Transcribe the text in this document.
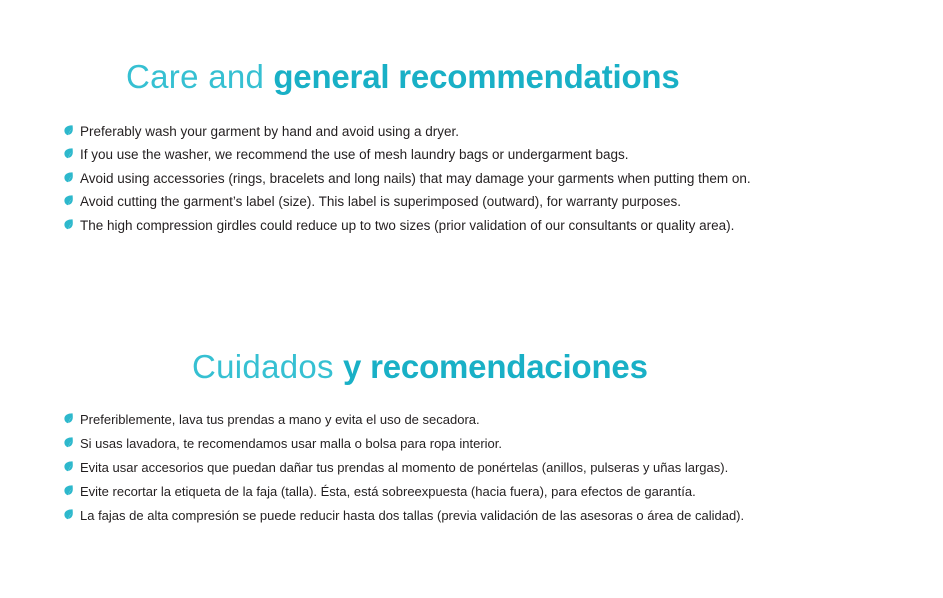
Care and general recommendations
Preferably wash your garment by hand and avoid using a dryer.
If you use the washer, we recommend the use of mesh laundry bags or undergarment bags.
Avoid using accessories (rings, bracelets and long nails) that may damage your garments when putting them on.
Avoid cutting the garment’s label (size). This label is superimposed (outward), for warranty purposes.
The high compression girdles could reduce up to two sizes (prior validation of our consultants or quality area).
Cuidados y recomendaciones
Preferiblemente, lava tus prendas a mano y evita el uso de secadora.
Si usas lavadora, te recomendamos usar malla o bolsa para ropa interior.
Evita usar accesorios que puedan dañar tus prendas al momento de ponértelas (anillos, pulseras y uñas largas).
Evite recortar la etiqueta de la faja (talla). Ésta, está sobreexpuesta (hacia fuera), para efectos de garantía.
La fajas de alta compresión se puede reducir hasta dos tallas (previa validación de las asesoras o área de calidad).
